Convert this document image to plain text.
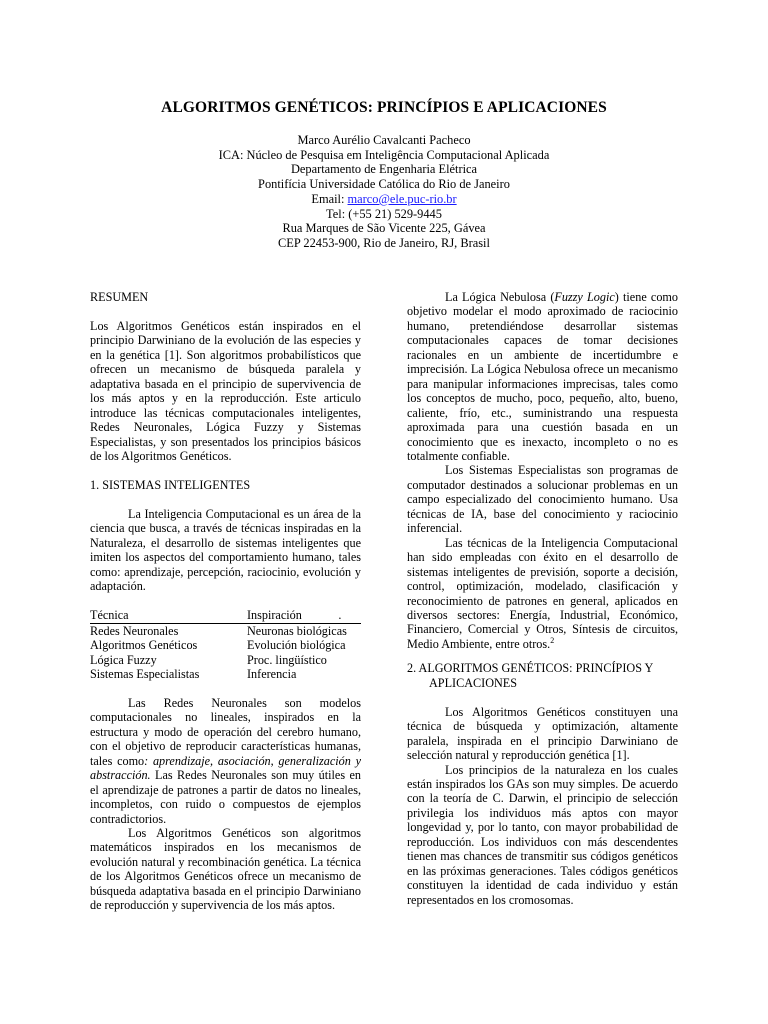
ALGORITMOS GENÉTICOS: PRINCÍPIOS E APLICACIONES
Marco Aurélio Cavalcanti Pacheco
ICA: Núcleo de Pesquisa em Inteligência Computacional Aplicada
Departamento de Engenharia Elétrica
Pontifícia Universidade Católica do Rio de Janeiro
Email: marco@ele.puc-rio.br
Tel: (+55 21) 529-9445
Rua Marques de São Vicente 225, Gávea
CEP 22453-900, Rio de Janeiro, RJ, Brasil
RESUMEN

Los Algoritmos Genéticos están inspirados en el principio Darwiniano de la evolución de las especies y en la genética [1]. Son algoritmos probabilísticos que ofrecen un mecanismo de búsqueda paralela y adaptativa basada en el principio de supervivencia de los más aptos y en la reproducción. Este articulo introduce las técnicas computacionales inteligentes, Redes Neuronales, Lógica Fuzzy y Sistemas Especialistas, y son presentados los principios básicos de los Algoritmos Genéticos.

1. SISTEMAS INTELIGENTES

La Inteligencia Computacional es un área de la ciencia que busca, a través de técnicas inspiradas en la Naturaleza, el desarrollo de sistemas inteligentes que imiten los aspectos del comportamiento humano, tales como: aprendizaje, percepción, raciocinio, evolución y adaptación.

Técnica	Inspiración            .
Redes Neuronales	Neuronas biológicas
Algoritmos Genéticos	Evolución biológica
Lógica Fuzzy	Proc. lingüístico
Sistemas Especialistas	Inferencia

Las Redes Neuronales son modelos computacionales no lineales, inspirados en la estructura y modo de operación del cerebro humano, con el objetivo de reproducir características humanas, tales como: aprendizaje, asociación, generalización y abstracción. Las Redes Neuronales son muy útiles en el aprendizaje de patrones a partir de datos no lineales, incompletos, con ruido o compuestos de ejemplos contradictorios.

Los Algoritmos Genéticos son algoritmos matemáticos inspirados en los mecanismos de evolución natural y recombinación genética. La técnica de los Algoritmos Genéticos ofrece un mecanismo de búsqueda adaptativa basada en el principio Darwiniano de reproducción y supervivencia de los más aptos.

La Lógica Nebulosa (Fuzzy Logic) tiene como objetivo modelar el modo aproximado de raciocinio humano, pretendiéndose desarrollar sistemas computacionales capaces de tomar decisiones racionales en un ambiente de incertidumbre e imprecisión. La Lógica Nebulosa ofrece un mecanismo para manipular informaciones imprecisas, tales como los conceptos de mucho, poco, pequeño, alto, bueno, caliente, frío, etc., suministrando una respuesta aproximada para una cuestión basada en un conocimiento que es inexacto, incompleto o no es totalmente confiable.

Los Sistemas Especialistas son programas de computador destinados a solucionar problemas en un campo especializado del conocimiento humano. Usa técnicas de IA, base del conocimiento y raciocinio inferencial.

Las técnicas de la Inteligencia Computacional han sido empleadas con éxito en el desarrollo de sistemas inteligentes de previsión, soporte a decisión, control, optimización, modelado, clasificación y reconocimiento de patrones en general, aplicados en diversos sectores: Energía, Industrial, Económico, Financiero, Comercial y Otros, Síntesis de circuitos, Medio Ambiente, entre otros.$^2$

2. ALGORITMOS GENÉTICOS: PRINCÍPIOS Y APLICACIONES

Los Algoritmos Genéticos constituyen una técnica de búsqueda y optimización, altamente paralela, inspirada en el principio Darwiniano de selección natural y reproducción genética [1].

Los principios de la naturaleza en los cuales están inspirados los GAs son muy simples. De acuerdo con la teoría de C. Darwin, el principio de selección privilegia los individuos más aptos con mayor longevidad y, por lo tanto, con mayor probabilidad de reproducción. Los individuos con más descendentes tienen mas chances de transmitir sus códigos genéticos en las próximas generaciones. Tales códigos genéticos constituyen la identidad de cada individuo y están representados en los cromosomas.
